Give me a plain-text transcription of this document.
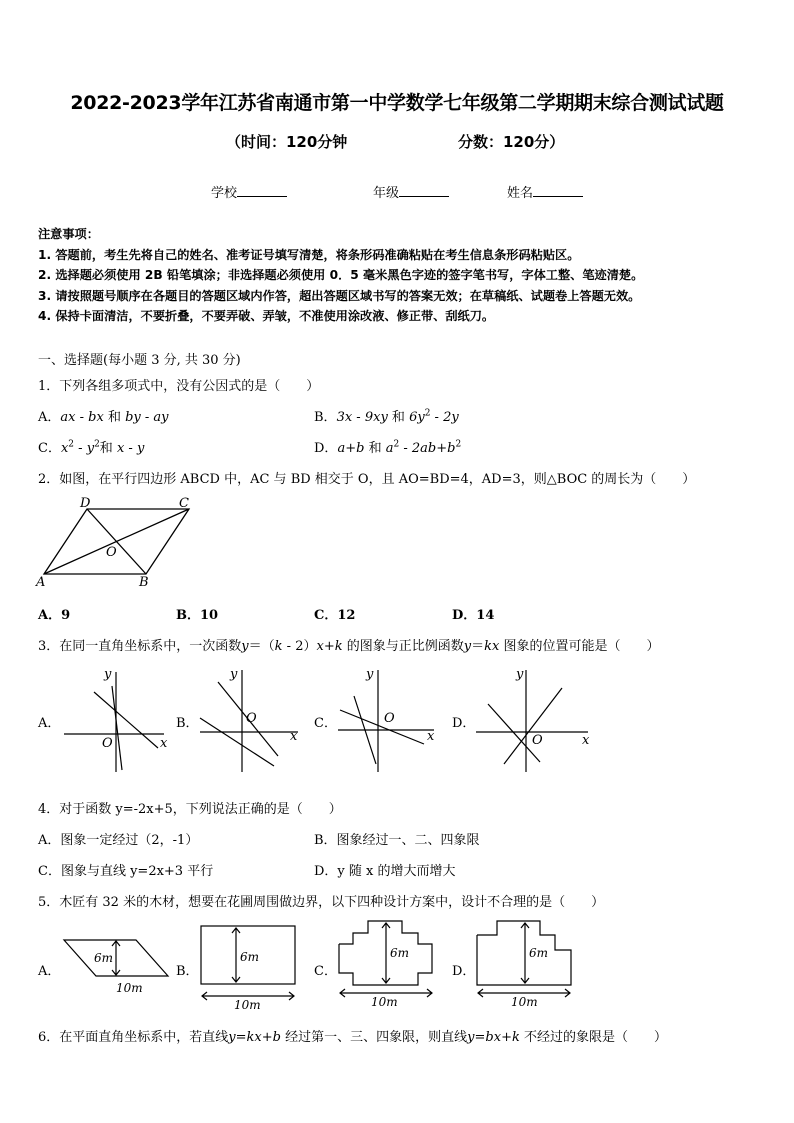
2022-2023学年江苏省南通市第一中学数学七年级第二学期期末综合测试试题
（时间：120分钟	分数：120分）
学校	年级	姓名
注意事项：
1. 答题前，考生先将自己的姓名、准考证号填写清楚，将条形码准确粘贴在考生信息条形码粘贴区。
2. 选择题必须使用 2B 铅笔填涂；非选择题必须使用 0．5 毫米黑色字迹的签字笔书写，字体工整、笔迹清楚。
3. 请按照题号顺序在各题目的答题区域内作答，超出答题区域书写的答案无效；在草稿纸、试题卷上答题无效。
4. 保持卡面清洁，不要折叠，不要弄破、弄皱，不准使用涂改液、修正带、刮纸刀。
一、选择题(每小题 3 分, 共 30 分)
1．下列各组多项式中，没有公因式的是（　　）
A．ax - bx 和 by - ay	B．3x - 9xy 和 $6y^2 - 2y$
C．$x^2 - y^2$和 x - y	D．a+b 和 $a^2 - 2ab+b^2$
2．如图，在平行四边形 ABCD 中，AC 与 BD 相交于 O，且 AO=BD=4，AD=3，则△BOC 的周长为（　　）
A	B
C
D
O
A．9	B．10	C．12	D．14
3．在同一直角坐标系中，一次函数y＝（k - 2）x+k 的图象与正比例函数y＝kx 图象的位置可能是（　　）
A．
y
x
O
B．
y
x
O	C．
y
x
O	D．
y
x
O
4．对于函数 y=-2x+5，下列说法正确的是（　　）
A．图象一定经过（2，-1）	B．图象经过一、二、四象限
C．图象与直线 y=2x+3 平行	D．y 随 x 的增大而增大
5．木匠有 32 米的木材，想要在花圃周围做边界，以下四种设计方案中，设计不合理的是（　　）
A．
6m
10m
B．
6m
10m
C．
6m
10m
D．
6m
10m
6．在平面直角坐标系中，若直线y=kx+b 经过第一、三、四象限，则直线y=bx+k 不经过的象限是（　　）
